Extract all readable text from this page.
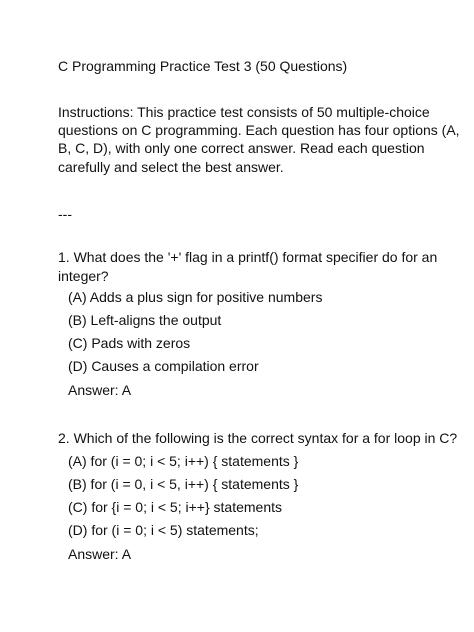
C Programming Practice Test 3 (50 Questions)
Instructions: This practice test consists of 50 multiple-choice
questions on C programming. Each question has four options (A,
B, C, D), with only one correct answer. Read each question
carefully and select the best answer.
---
1. What does the '+' flag in a printf() format specifier do for an
integer?
(A) Adds a plus sign for positive numbers
(B) Left-aligns the output
(C) Pads with zeros
(D) Causes a compilation error
Answer: A
2. Which of the following is the correct syntax for a for loop in C?
(A) for (i = 0; i < 5; i++) { statements }
(B) for (i = 0, i < 5, i++) { statements }
(C) for {i = 0; i < 5; i++} statements
(D) for (i = 0; i < 5) statements;
Answer: A
